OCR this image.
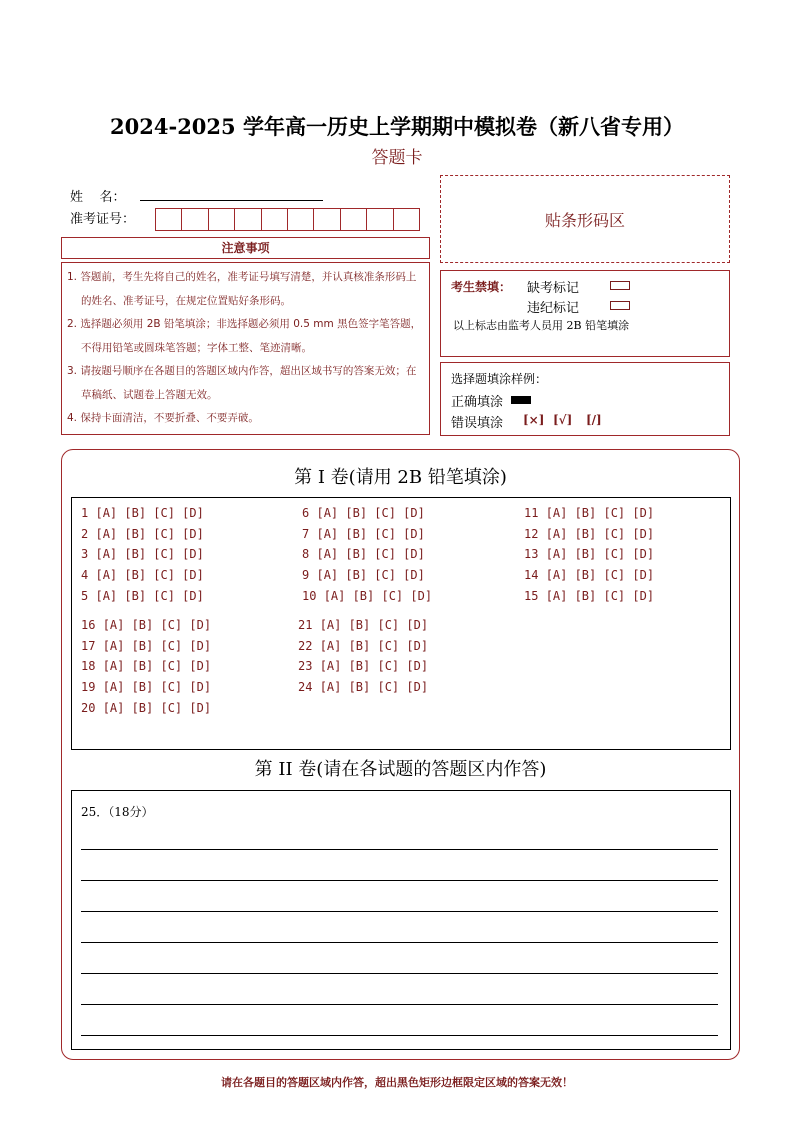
2024-2025 学年高一历史上学期期中模拟卷（新八省专用）
答题卡
姓    名：
准考证号：	贴条形码区
注意事项

1. 答题前，考生先将自己的姓名，准考证号填写清楚，并认真核准条形码上的姓名、准考证号，在规定位置贴好条形码。

2. 选择题必须用 2B 铅笔填涂；非选择题必须用 0.5 mm 黑色签字笔答题，不得用铅笔或圆珠笔答题；字体工整、笔迹清晰。

3. 请按题号顺序在各题目的答题区域内作答，超出区域书写的答案无效；在草稿纸、试题卷上答题无效。

4. 保持卡面清洁，不要折叠、不要弄破。

考生禁填： 缺考标记
违纪标记
以上标志由监考人员用 2B 铅笔填涂
选择题填涂样例：
正确填涂
错误填涂 [×] [√] [/]
第 I 卷(请用 2B 铅笔填涂)
1 [A] [B] [C] [D]
2 [A] [B] [C] [D]
3 [A] [B] [C] [D]
4 [A] [B] [C] [D]
5 [A] [B] [C] [D]
6 [A] [B] [C] [D]
7 [A] [B] [C] [D]
8 [A] [B] [C] [D]
9 [A] [B] [C] [D]
10 [A] [B] [C] [D]
11 [A] [B] [C] [D]
12 [A] [B] [C] [D]
13 [A] [B] [C] [D]
14 [A] [B] [C] [D]
15 [A] [B] [C] [D]
16 [A] [B] [C] [D]
17 [A] [B] [C] [D]
18 [A] [B] [C] [D]
19 [A] [B] [C] [D]
20 [A] [B] [C] [D]
21 [A] [B] [C] [D]
22 [A] [B] [C] [D]
23 [A] [B] [C] [D]
24 [A] [B] [C] [D]
第 II 卷(请在各试题的答题区内作答)
25．（18分）
请在各题目的答题区域内作答，超出黑色矩形边框限定区域的答案无效！
